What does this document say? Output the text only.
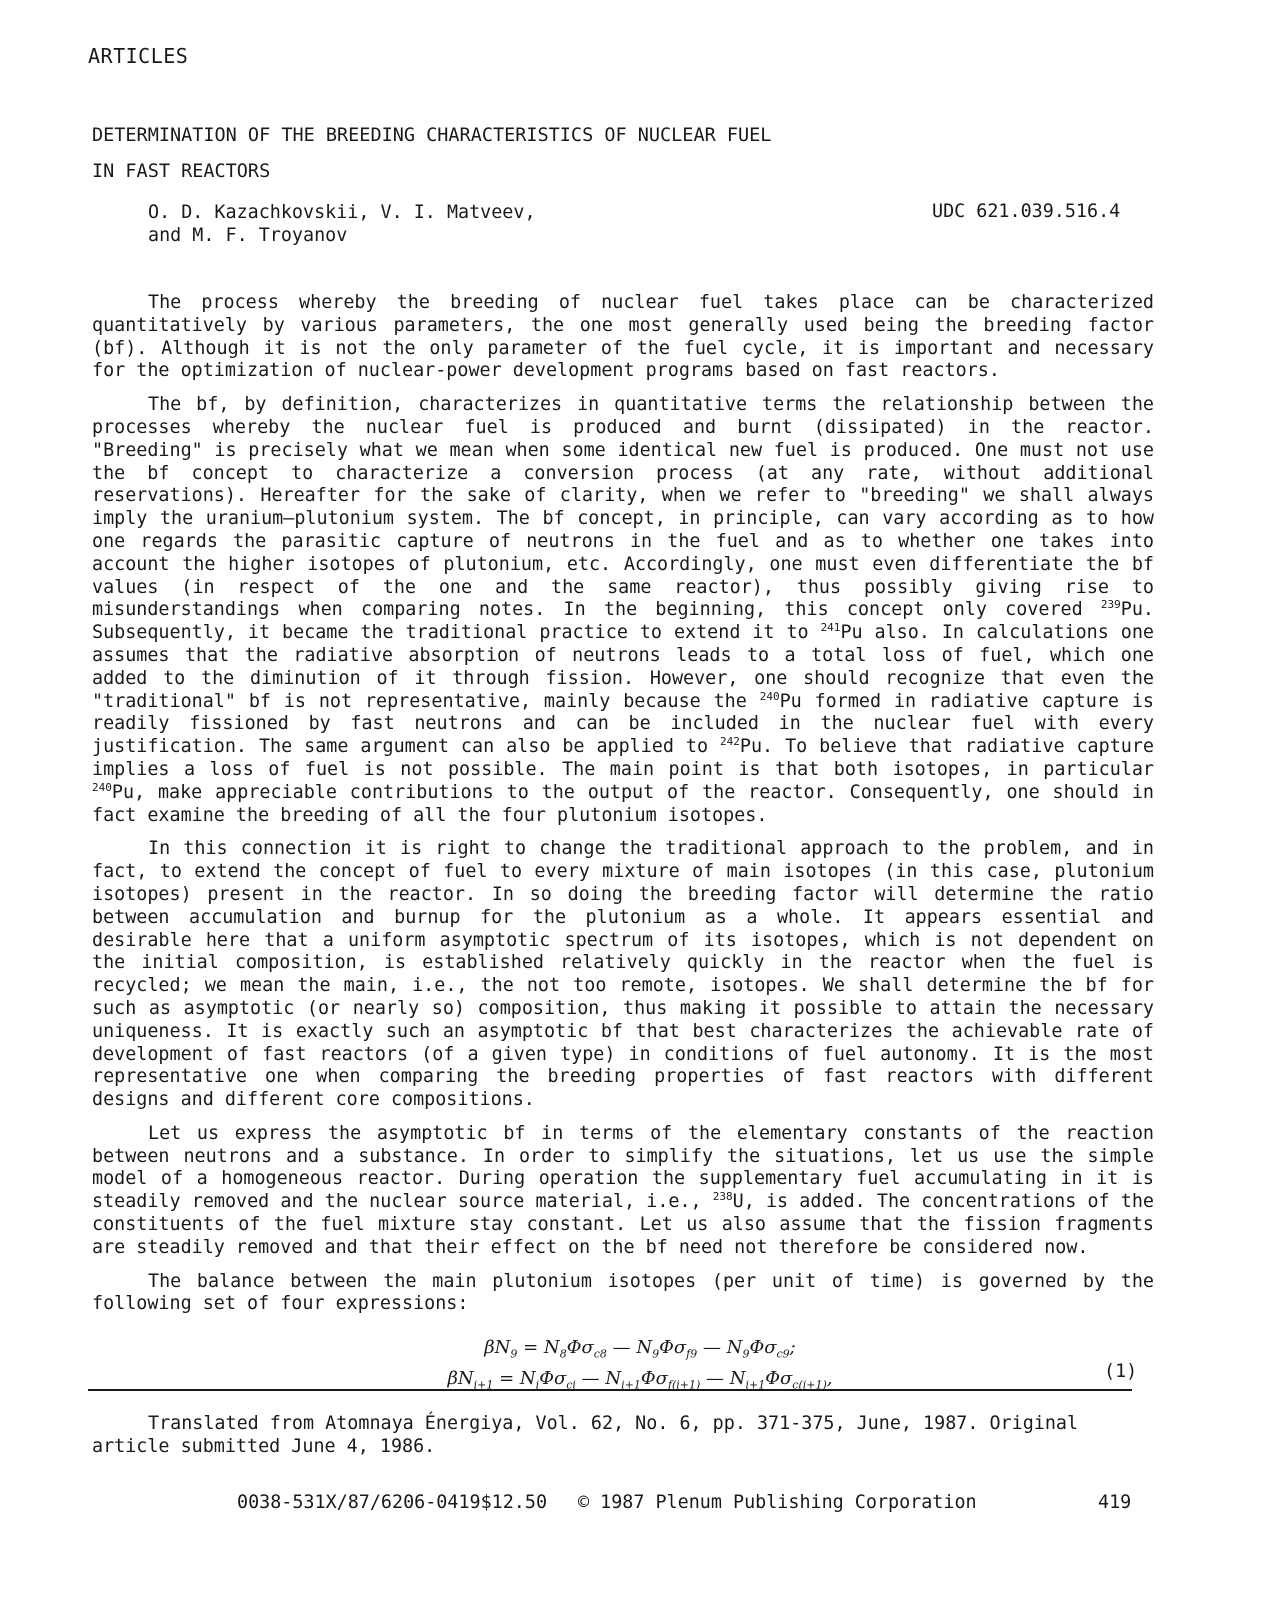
ARTICLES
DETERMINATION OF THE BREEDING CHARACTERISTICS OF NUCLEAR FUEL
IN FAST REACTORS
O. D. Kazachkovskii, V. I. Matveev,
and M. F. Troyanov
UDC 621.039.516.4

The process whereby the breeding of nuclear fuel takes place can be characterized quantitatively by various parameters, the one most generally used being the breeding factor (bf). Although it is not the only parameter of the fuel cycle, it is important and necessary for the optimization of nuclear-power development programs based on fast reactors.

The bf, by definition, characterizes in quantitative terms the relationship between the processes whereby the nuclear fuel is produced and burnt (dissipated) in the reactor. "Breeding" is precisely what we mean when some identical new fuel is produced. One must not use the bf concept to characterize a conversion process (at any rate, without additional reservations). Hereafter for the sake of clarity, when we refer to "breeding" we shall always imply the uranium—plutonium system. The bf concept, in principle, can vary according as to how one regards the parasitic capture of neutrons in the fuel and as to whether one takes into account the higher isotopes of plutonium, etc. Accordingly, one must even differentiate the bf values (in respect of the one and the same reactor), thus possibly giving rise to misunderstandings when comparing notes. In the beginning, this concept only covered $^{239}$Pu. Subsequently, it became the traditional practice to extend it to $^{241}$Pu also. In calculations one assumes that the radiative absorption of neutrons leads to a total loss of fuel, which one added to the diminution of it through fission. However, one should recognize that even the "traditional" bf is not representative, mainly because the $^{240}$Pu formed in radiative capture is readily fissioned by fast neutrons and can be included in the nuclear fuel with every justification. The same argument can also be applied to $^{242}$Pu. To believe that radiative capture implies a loss of fuel is not possible. The main point is that both isotopes, in particular $^{240}$Pu, make appreciable contributions to the output of the reactor. Consequently, one should in fact examine the breeding of all the four plutonium isotopes.

In this connection it is right to change the traditional approach to the problem, and in fact, to extend the concept of fuel to every mixture of main isotopes (in this case, plutonium isotopes) present in the reactor. In so doing the breeding factor will determine the ratio between accumulation and burnup for the plutonium as a whole. It appears essential and desirable here that a uniform asymptotic spectrum of its isotopes, which is not dependent on the initial composition, is established relatively quickly in the reactor when the fuel is recycled; we mean the main, i.e., the not too remote, isotopes. We shall determine the bf for such as asymptotic (or nearly so) composition, thus making it possible to attain the necessary uniqueness. It is exactly such an asymptotic bf that best characterizes the achievable rate of development of fast reactors (of a given type) in conditions of fuel autonomy. It is the most representative one when comparing the breeding properties of fast reactors with different designs and different core compositions.

Let us express the asymptotic bf in terms of the elementary constants of the reaction between neutrons and a substance. In order to simplify the situations, let us use the simple model of a homogeneous reactor. During operation the supplementary fuel accumulating in it is steadily removed and the nuclear source material, i.e., $^{238}$U, is added. The concentrations of the constituents of the fuel mixture stay constant. Let us also assume that the fission fragments are steadily removed and that their effect on the bf need not therefore be considered now.

The balance between the main plutonium isotopes (per unit of time) is governed by the following set of four expressions:

$\beta N_9 = N_8\Phi\sigma_{c8}$ — $N_9\Phi\sigma_{f9}$ — $N_9\Phi\sigma_{c9}$;
$\beta N_{i+1} = N_i\Phi\sigma_{ci}$ — $N_{i+1}\Phi\sigma_{f(i+1)}$ — $N_{i+1}\Phi\sigma_{c(i+1)}$,	(1)

Translated from Atomnaya Énergiya, Vol. 62, No. 6, pp. 371-375, June, 1987. Original article submitted June 4, 1986.

0038-531X/87/6206-0419$12.50 © 1987 Plenum Publishing Corporation	419
